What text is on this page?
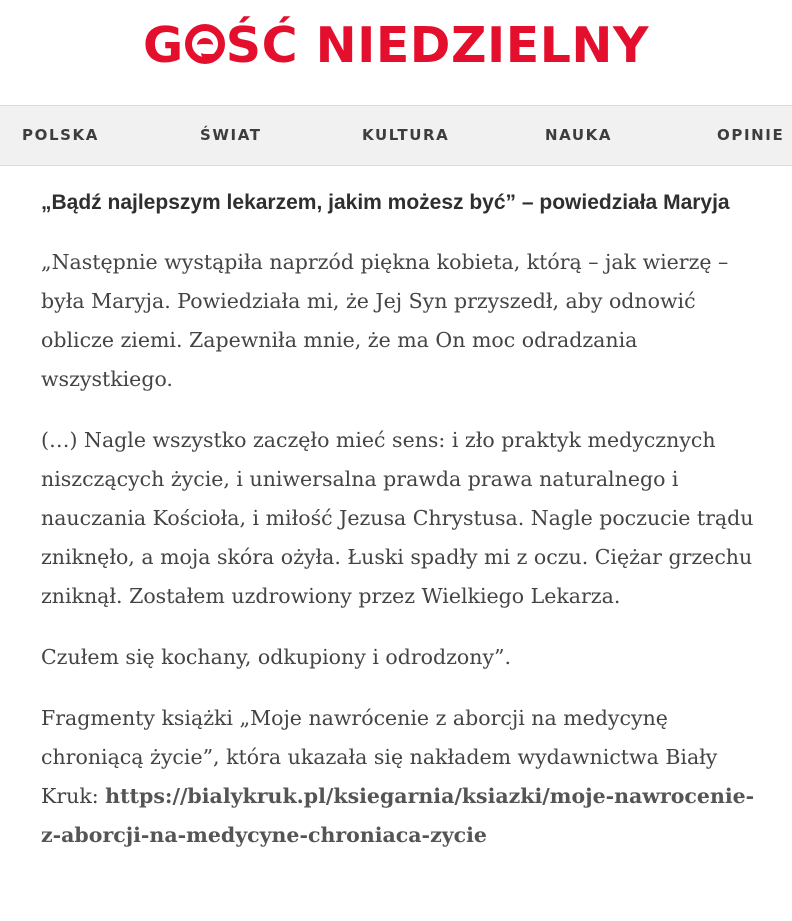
G ŚĆ NIEDZIELNY
POLSKA	ŚWIAT	KULTURA	NAUKA	OPINIE
„Bądź najlepszym lekarzem, jakim możesz być” – powiedziała Maryja

„Następnie wystąpiła naprzód piękna kobieta, którą – jak wierzę – była Maryja. Powiedziała mi, że Jej Syn przyszedł, aby odnowić oblicze ziemi. Zapewniła mnie, że ma On moc odradzania wszystkiego.

(…) Nagle wszystko zaczęło mieć sens: i zło praktyk medycznych niszczących życie, i uniwersalna prawda prawa naturalnego i nauczania Kościoła, i miłość Jezusa Chrystusa. Nagle poczucie trądu zniknęło, a moja skóra ożyła. Łuski spadły mi z oczu. Ciężar grzechu zniknął. Zostałem uzdrowiony przez Wielkiego Lekarza.

Czułem się kochany, odkupiony i odrodzony”.

Fragmenty książki „Moje nawrócenie z aborcji na medycynę chroniącą życie”, która ukazała się nakładem wydawnictwa Biały Kruk: https://bialykruk.pl/ksiegarnia/ksiazki/moje-nawrocenie-z-aborcji-na-medycyne-chroniaca-zycie
